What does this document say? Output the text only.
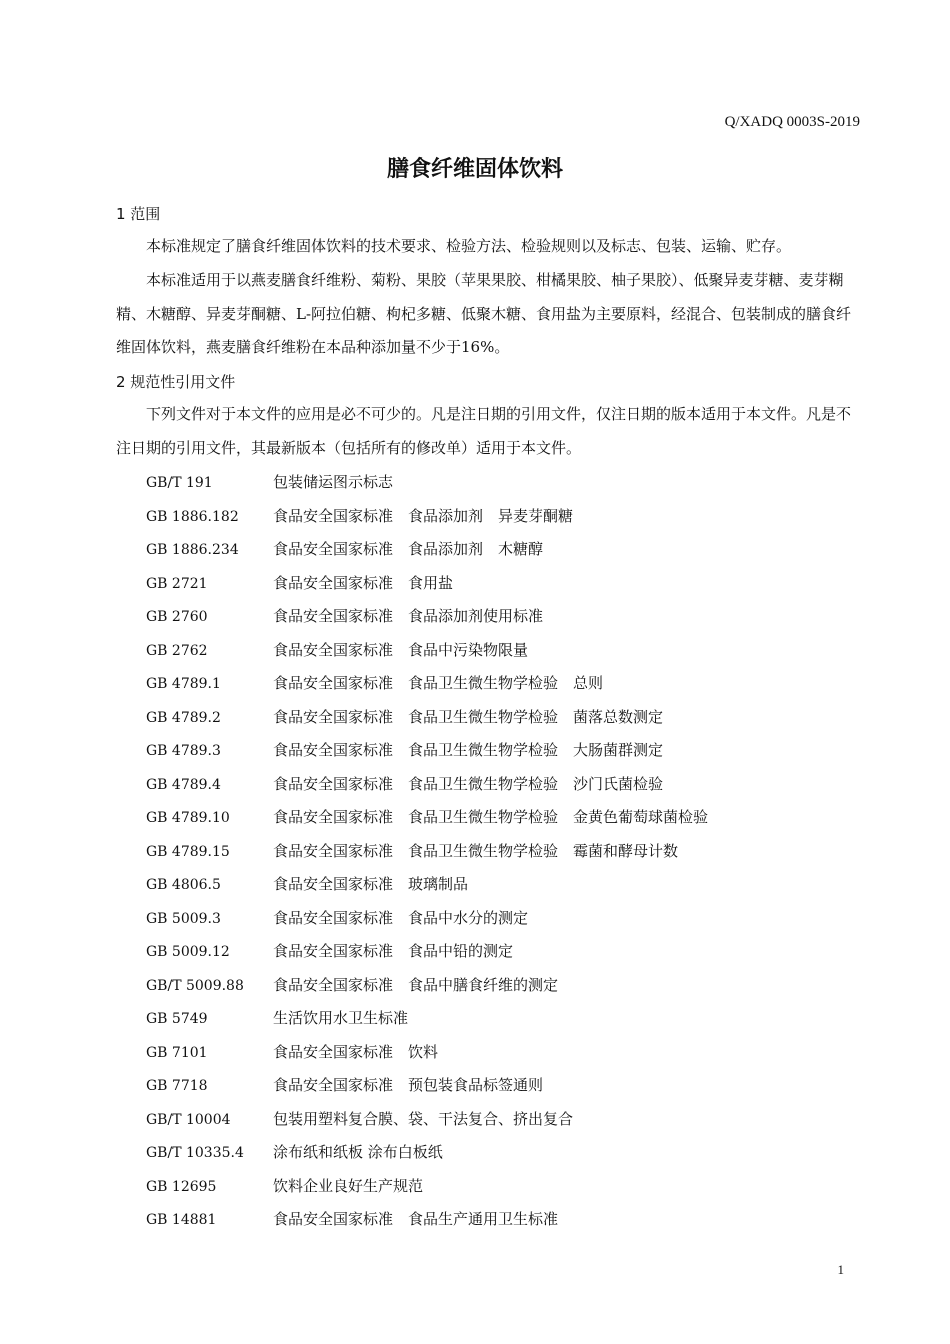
Q/XADQ 0003S-2019
膳食纤维固体饮料
1 范围
本标准规定了膳食纤维固体饮料的技术要求、检验方法、检验规则以及标志、包装、运输、贮存。
本标准适用于以燕麦膳食纤维粉、菊粉、果胶（苹果果胶、柑橘果胶、柚子果胶）、低聚异麦芽糖、麦芽糊精、木糖醇、异麦芽酮糖、L-阿拉伯糖、枸杞多糖、低聚木糖、食用盐为主要原料，经混合、包装制成的膳食纤维固体饮料，燕麦膳食纤维粉在本品种添加量不少于16%。
2 规范性引用文件
下列文件对于本文件的应用是必不可少的。凡是注日期的引用文件，仅注日期的版本适用于本文件。凡是不注日期的引用文件，其最新版本（包括所有的修改单）适用于本文件。
GB/T 191	包装储运图示标志
GB 1886.182 食品安全国家标准　食品添加剂　异麦芽酮糖
GB 1886.234 食品安全国家标准　食品添加剂　木糖醇
GB 2721	食品安全国家标准　食用盐
GB 2760	食品安全国家标准　食品添加剂使用标准
GB 2762	食品安全国家标准　食品中污染物限量
GB 4789.1	食品安全国家标准　食品卫生微生物学检验　总则
GB 4789.2	食品安全国家标准　食品卫生微生物学检验　菌落总数测定
GB 4789.3	食品安全国家标准　食品卫生微生物学检验　大肠菌群测定
GB 4789.4	食品安全国家标准　食品卫生微生物学检验　沙门氏菌检验
GB 4789.10	食品安全国家标准　食品卫生微生物学检验　金黄色葡萄球菌检验
GB 4789.15	食品安全国家标准　食品卫生微生物学检验　霉菌和酵母计数
GB 4806.5	食品安全国家标准　玻璃制品
GB 5009.3	食品安全国家标准　食品中水分的测定
GB 5009.12	食品安全国家标准　食品中铅的测定
GB/T 5009.88 食品安全国家标准　食品中膳食纤维的测定
GB 5749	生活饮用水卫生标准
GB 7101	食品安全国家标准　饮料
GB 7718	食品安全国家标准　预包装食品标签通则
GB/T 10004	包装用塑料复合膜、袋、干法复合、挤出复合
GB/T 10335.4 涂布纸和纸板 涂布白板纸
GB 12695	饮料企业良好生产规范
GB 14881	食品安全国家标准　食品生产通用卫生标准
1
